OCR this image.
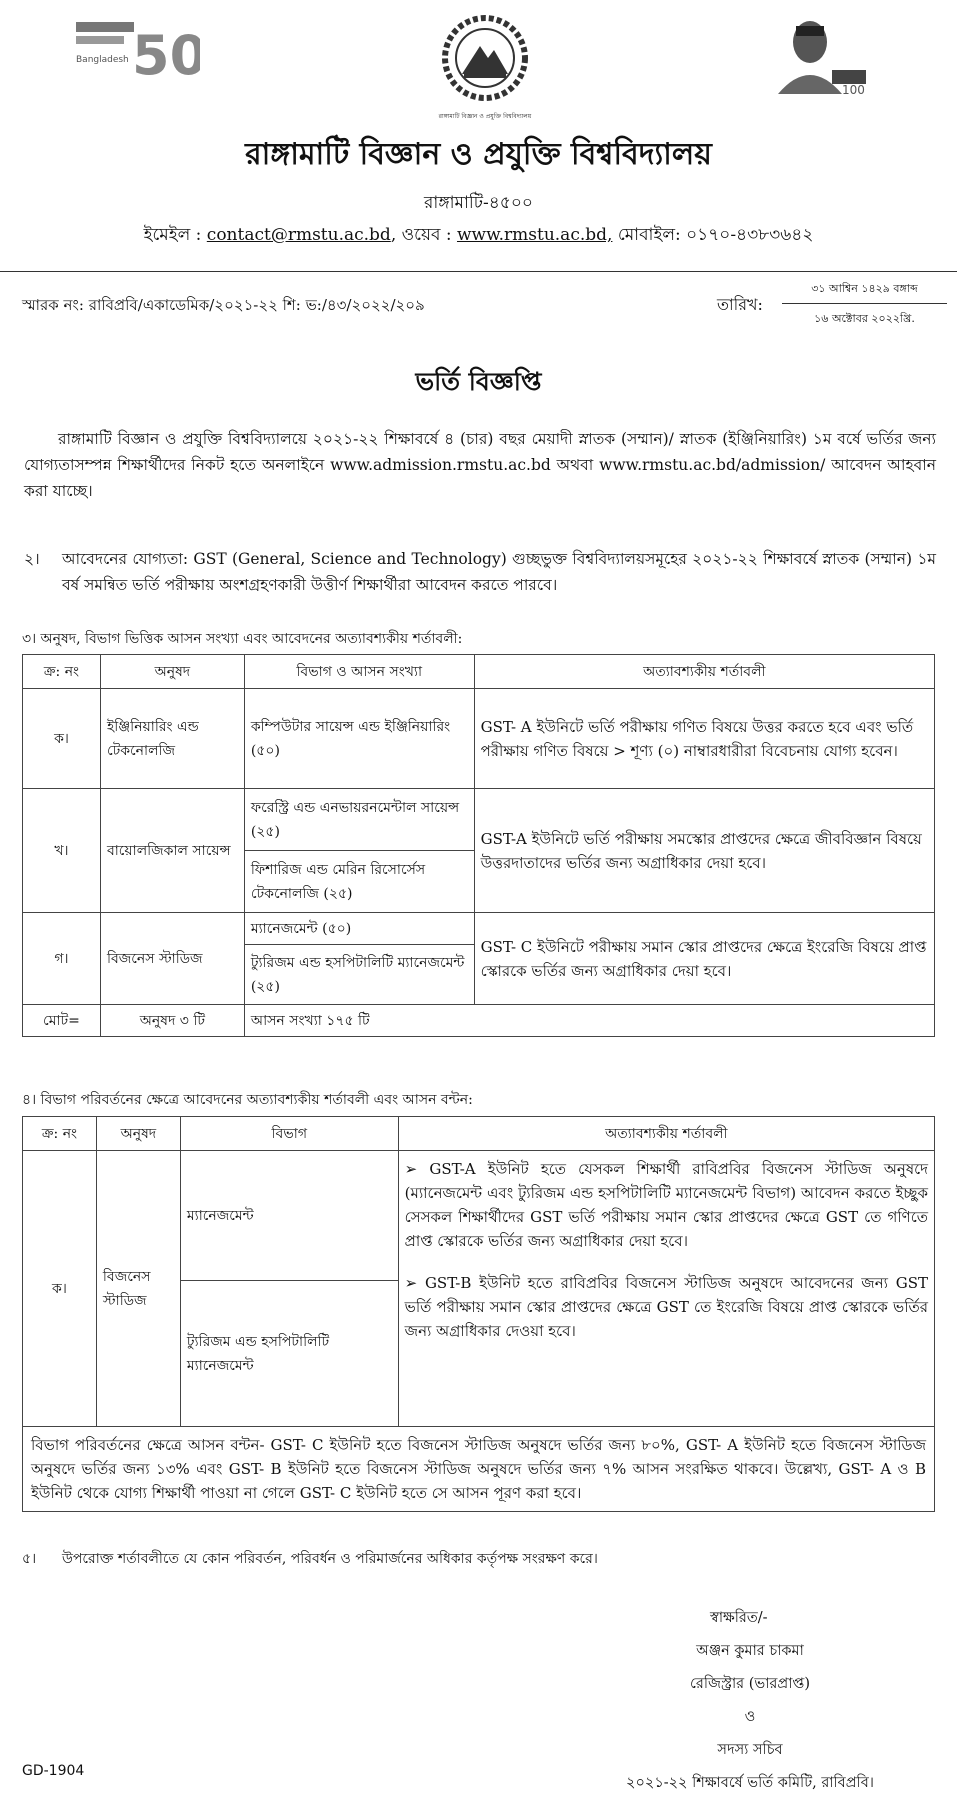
Bangladesh 50
রাঙ্গামাটি বিজ্ঞান ও প্রযুক্তি বিশ্ববিদ্যালয়
100
রাঙ্গামাটি বিজ্ঞান ও প্রযুক্তি বিশ্ববিদ্যালয়
রাঙ্গামাটি-৪৫০০
ইমেইল : contact@rmstu.ac.bd, ওয়েব : www.rmstu.ac.bd, মোবাইল: ০১৭০-৪৩৮৩৬৪২
স্মারক নং: রাবিপ্রবি/একাডেমিক/২০২১-২২ শি: ভ:/৪৩/২০২২/২০৯	তারিখ:
৩১ আশ্বিন ১৪২৯ বঙ্গাব্দ
১৬ অক্টোবর ২০২২খ্রি.
ভর্তি বিজ্ঞপ্তি
রাঙ্গামাটি বিজ্ঞান ও প্রযুক্তি বিশ্ববিদ্যালয়ে ২০২১-২২ শিক্ষাবর্ষে ৪ (চার) বছর মেয়াদী স্নাতক (সম্মান)/ স্নাতক (ইঞ্জিনিয়ারিং) ১ম বর্ষে ভর্তির জন্য যোগ্যতাসম্পন্ন শিক্ষার্থীদের নিকট হতে অনলাইনে www.admission.rmstu.ac.bd অথবা www.rmstu.ac.bd/admission/ আবেদন আহবান করা যাচ্ছে।
২। আবেদনের যোগ্যতা: GST (General, Science and Technology) গুচ্ছভুক্ত বিশ্ববিদ্যালয়সমূহের ২০২১-২২ শিক্ষাবর্ষে স্নাতক (সম্মান) ১ম বর্ষ সমন্বিত ভর্তি পরীক্ষায় অংশগ্রহণকারী উত্তীর্ণ শিক্ষার্থীরা আবেদন করতে পারবে।
৩। অনুষদ, বিভাগ ভিত্তিক আসন সংখ্যা এবং আবেদনের অত্যাবশ্যকীয় শর্তাবলী:
ক্র: নং	অনুষদ	বিভাগ ও আসন সংখ্যা	অত্যাবশ্যকীয় শর্তাবলী
ক।	ইঞ্জিনিয়ারিং এন্ড টেকনোলজি	কম্পিউটার সায়েন্স এন্ড ইঞ্জিনিয়ারিং (৫০)	GST- A ইউনিটে ভর্তি পরীক্ষায় গণিত বিষয়ে উত্তর করতে হবে এবং ভর্তি পরীক্ষায় গণিত বিষয়ে > শূণ্য (০) নাম্বারধারীরা বিবেচনায় যোগ্য হবেন।
খ।	বায়োলজিকাল সায়েন্স	ফরেস্ট্রি এন্ড এনভায়রনমেন্টাল সায়েন্স (২৫)	GST-A ইউনিটে ভর্তি পরীক্ষায় সমস্কোর প্রাপ্তদের ক্ষেত্রে জীববিজ্ঞান বিষয়ে উত্তরদাতাদের ভর্তির জন্য অগ্রাধিকার দেয়া হবে।
		ফিশারিজ এন্ড মেরিন রিসোর্সেস টেকনোলজি (২৫)	
গ।	বিজনেস স্টাডিজ	ম্যানেজমেন্ট (৫০)	GST- C ইউনিটে পরীক্ষায় সমান স্কোর প্রাপ্তদের ক্ষেত্রে ইংরেজি বিষয়ে প্রাপ্ত স্কোরকে ভর্তির জন্য অগ্রাধিকার দেয়া হবে।
		ট্যুরিজম এন্ড হসপিটালিটি ম্যানেজমেন্ট (২৫)	
মোট=	অনুষদ ৩ টি	আসন সংখ্যা ১৭৫ টি	
৪। বিভাগ পরিবর্তনের ক্ষেত্রে আবেদনের অত্যাবশ্যকীয় শর্তাবলী এবং আসন বন্টন:
ক্র: নং	অনুষদ	বিভাগ	অত্যাবশ্যকীয় শর্তাবলী
ক।	বিজনেস স্টাডিজ	ম্যানেজমেন্ট	➢ GST-A ইউনিট হতে যেসকল শিক্ষার্থী রাবিপ্রবির বিজনেস স্টাডিজ অনুষদে (ম্যানেজমেন্ট এবং ট্যুরিজম এন্ড হসপিটালিটি ম্যানেজমেন্ট বিভাগ) আবেদন করতে ইচ্ছুক সেসকল শিক্ষার্থীদের GST ভর্তি পরীক্ষায় সমান স্কোর প্রাপ্তদের ক্ষেত্রে GST তে গণিতে প্রাপ্ত স্কোরকে ভর্তির জন্য অগ্রাধিকার দেয়া হবে।
➢ GST-B ইউনিট হতে রাবিপ্রবির বিজনেস স্টাডিজ অনুষদে আবেদনের জন্য GST ভর্তি পরীক্ষায় সমান স্কোর প্রাপ্তদের ক্ষেত্রে GST তে ইংরেজি বিষয়ে প্রাপ্ত স্কোরকে ভর্তির জন্য অগ্রাধিকার দেওয়া হবে।

		ট্যুরিজম এন্ড হসপিটালিটি ম্যানেজমেন্ট	
বিভাগ পরিবর্তনের ক্ষেত্রে আসন বন্টন- GST- C ইউনিট হতে বিজনেস স্টাডিজ অনুষদে ভর্তির জন্য ৮০%, GST- A ইউনিট হতে বিজনেস স্টাডিজ অনুষদে ভর্তির জন্য ১৩% এবং GST- B ইউনিট হতে বিজনেস স্টাডিজ অনুষদে ভর্তির জন্য ৭% আসন সংরক্ষিত থাকবে। উল্লেখ্য, GST- A ও B ইউনিট থেকে যোগ্য শিক্ষার্থী পাওয়া না গেলে GST- C ইউনিট হতে সে আসন পূরণ করা হবে।			
৫। উপরোক্ত শর্তাবলীতে যে কোন পরিবর্তন, পরিবর্ধন ও পরিমার্জনের অধিকার কর্তৃপক্ষ সংরক্ষণ করে।
স্বাক্ষরিত/-
অঞ্জন কুমার চাকমা
রেজিস্ট্রার (ভারপ্রাপ্ত)
ও
সদস্য সচিব
২০২১-২২ শিক্ষাবর্ষে ভর্তি কমিটি, রাবিপ্রবি।
GD-1904
